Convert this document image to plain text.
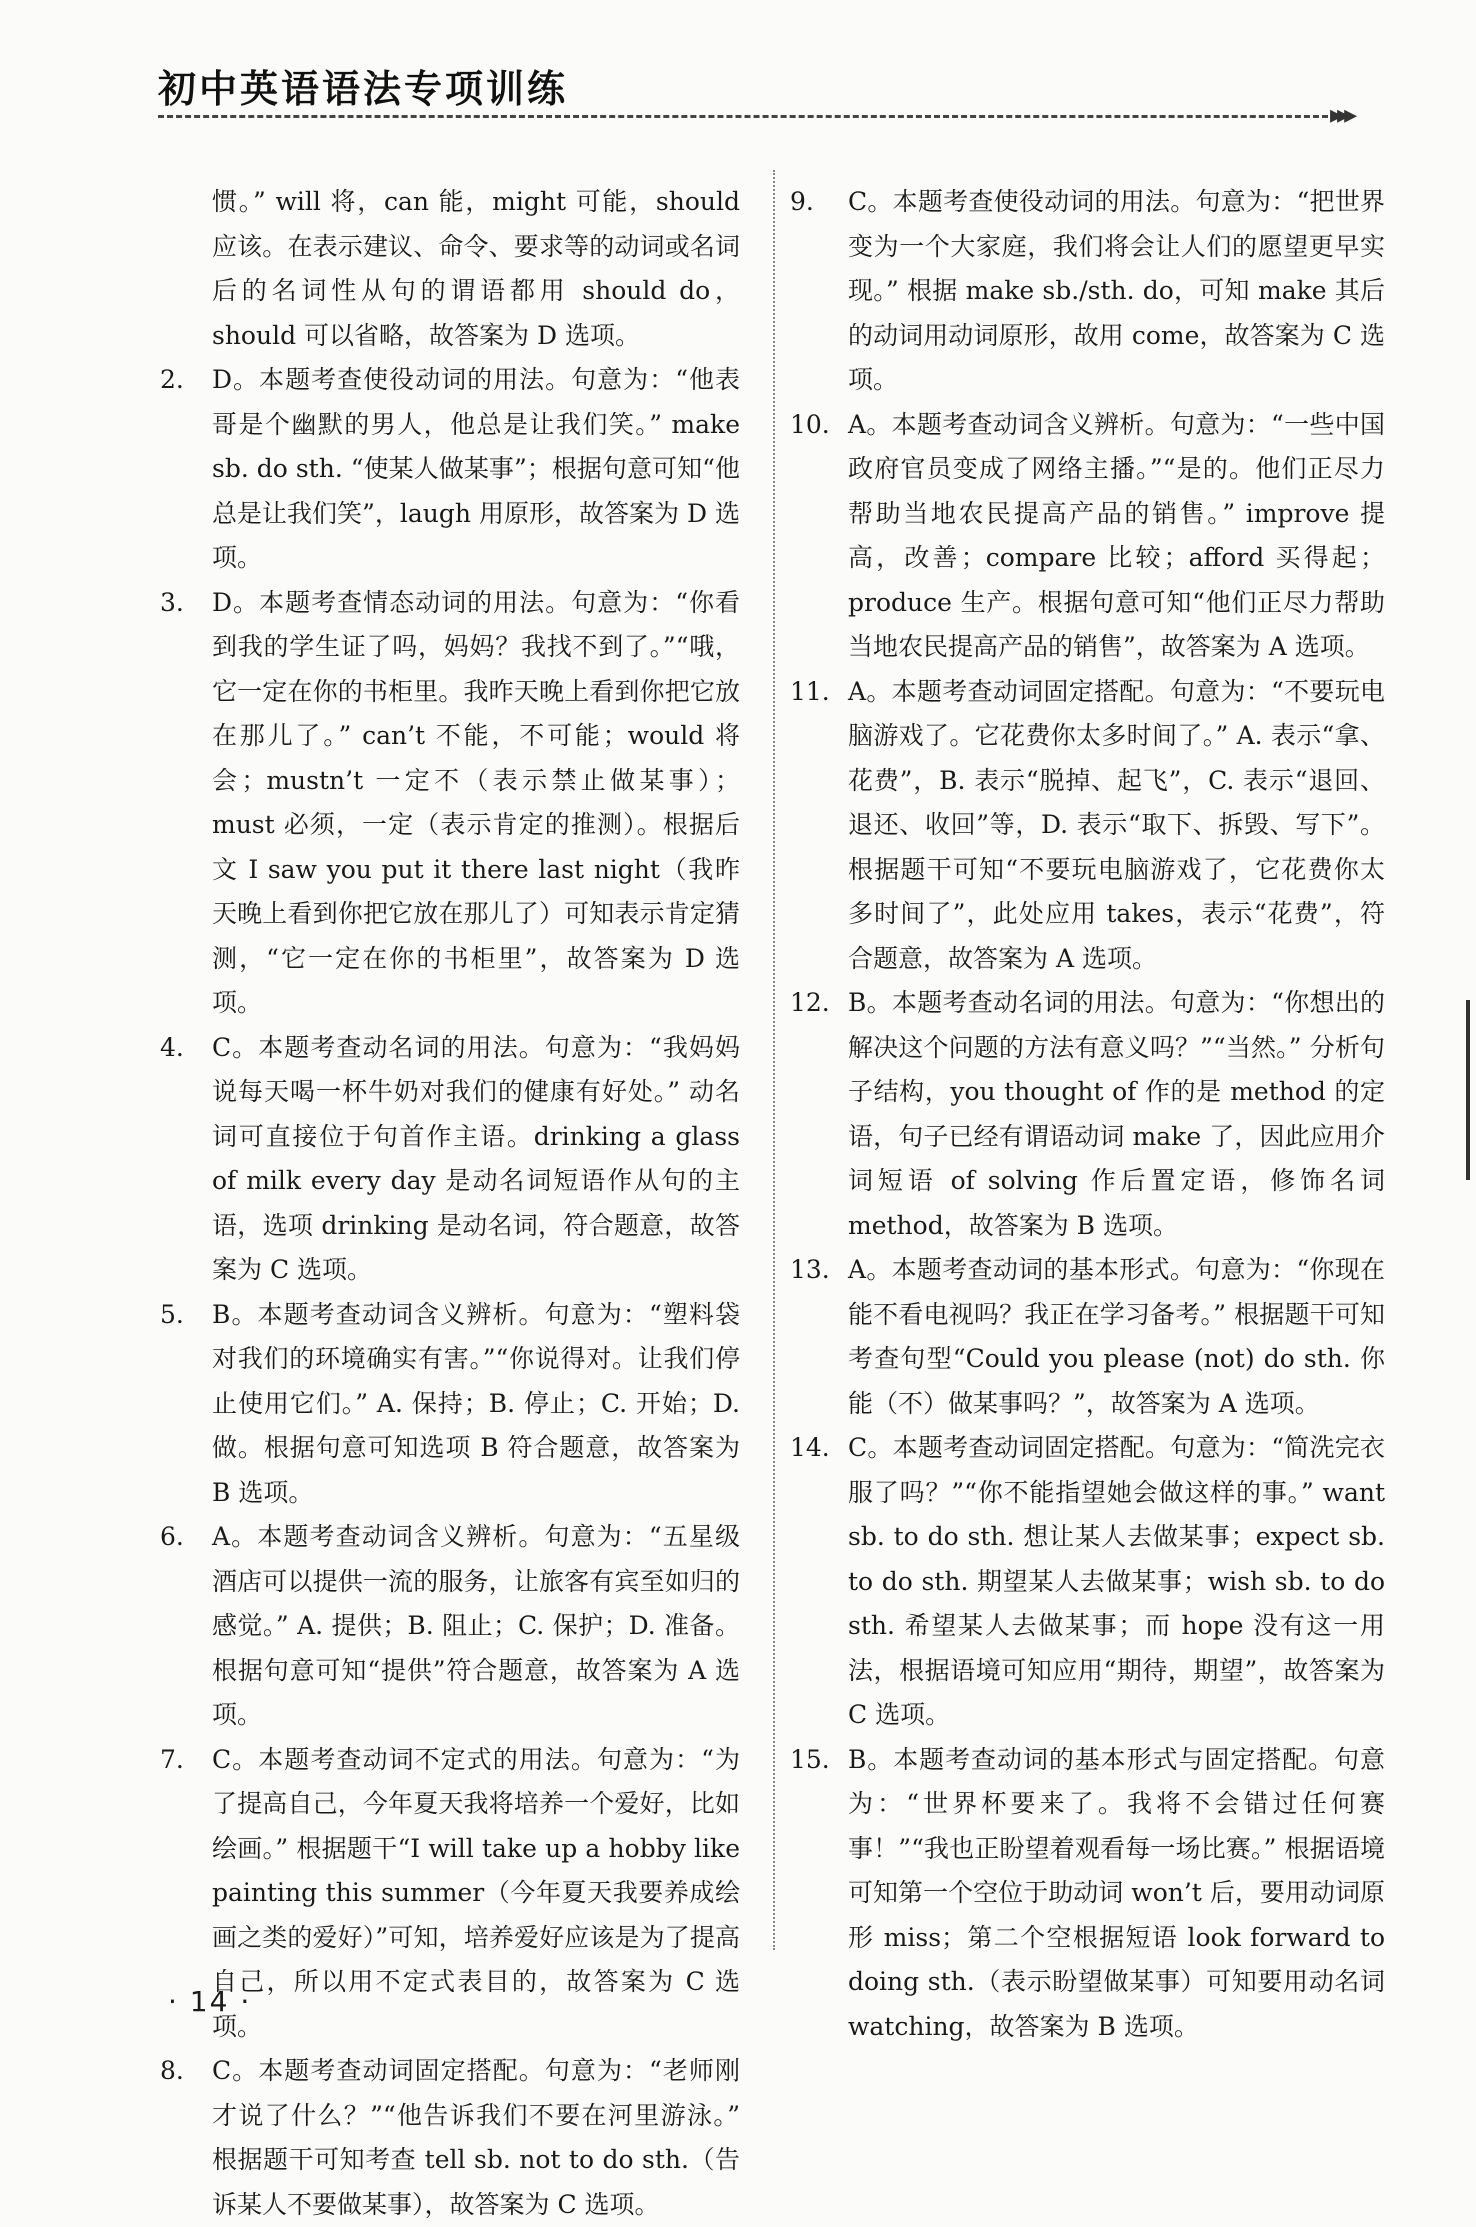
初中英语语法专项训练
▸▸▸
惯。” will 将，can 能，might 可能，should 应该。在表示建议、命令、要求等的动词或名词后的名词性从句的谓语都用 should do，should 可以省略，故答案为 D 选项。
2.	D。本题考查使役动词的用法。句意为：“他表哥是个幽默的男人，他总是让我们笑。” make sb. do sth. “使某人做某事”；根据句意可知“他总是让我们笑”，laugh 用原形，故答案为 D 选项。
3.	D。本题考查情态动词的用法。句意为：“你看到我的学生证了吗，妈妈？我找不到了。”“哦，它一定在你的书柜里。我昨天晚上看到你把它放在那儿了。” can’t 不能，不可能；would 将会；mustn’t 一定不（表示禁止做某事）；must 必须，一定（表示肯定的推测）。根据后文 I saw you put it there last night（我昨天晚上看到你把它放在那儿了）可知表示肯定猜测，“它一定在你的书柜里”，故答案为 D 选项。
4.	C。本题考查动名词的用法。句意为：“我妈妈说每天喝一杯牛奶对我们的健康有好处。” 动名词可直接位于句首作主语。drinking a glass of milk every day 是动名词短语作从句的主语，选项 drinking 是动名词，符合题意，故答案为 C 选项。
5.	B。本题考查动词含义辨析。句意为：“塑料袋对我们的环境确实有害。”“你说得对。让我们停止使用它们。” A. 保持；B. 停止；C. 开始；D. 做。根据句意可知选项 B 符合题意，故答案为 B 选项。
6.	A。本题考查动词含义辨析。句意为：“五星级酒店可以提供一流的服务，让旅客有宾至如归的感觉。” A. 提供；B. 阻止；C. 保护；D. 准备。根据句意可知“提供”符合题意，故答案为 A 选项。
7.	C。本题考查动词不定式的用法。句意为：“为了提高自己，今年夏天我将培养一个爱好，比如绘画。” 根据题干“I will take up a hobby like painting this summer（今年夏天我要养成绘画之类的爱好）”可知，培养爱好应该是为了提高自己，所以用不定式表目的，故答案为 C 选项。
8.	C。本题考查动词固定搭配。句意为：“老师刚才说了什么？”“他告诉我们不要在河里游泳。” 根据题干可知考查 tell sb. not to do sth.（告诉某人不要做某事），故答案为 C 选项。
9.	C。本题考查使役动词的用法。句意为：“把世界变为一个大家庭，我们将会让人们的愿望更早实现。” 根据 make sb./sth. do，可知 make 其后的动词用动词原形，故用 come，故答案为 C 选项。
10. A。本题考查动词含义辨析。句意为：“一些中国政府官员变成了网络主播。”“是的。他们正尽力帮助当地农民提高产品的销售。” improve 提高，改善；compare 比较；afford 买得起；produce 生产。根据句意可知“他们正尽力帮助当地农民提高产品的销售”，故答案为 A 选项。
11. A。本题考查动词固定搭配。句意为：“不要玩电脑游戏了。它花费你太多时间了。” A. 表示“拿、花费”，B. 表示“脱掉、起飞”，C. 表示“退回、退还、收回”等，D. 表示“取下、拆毁、写下”。根据题干可知“不要玩电脑游戏了，它花费你太多时间了”，此处应用 takes，表示“花费”，符合题意，故答案为 A 选项。
12. B。本题考查动名词的用法。句意为：“你想出的解决这个问题的方法有意义吗？”“当然。” 分析句子结构，you thought of 作的是 method 的定语，句子已经有谓语动词 make 了，因此应用介词短语 of solving 作后置定语，修饰名词 method，故答案为 B 选项。
13. A。本题考查动词的基本形式。句意为：“你现在能不看电视吗？我正在学习备考。” 根据题干可知考查句型“Could you please (not) do sth. 你能（不）做某事吗？”，故答案为 A 选项。
14. C。本题考查动词固定搭配。句意为：“简洗完衣服了吗？”“你不能指望她会做这样的事。” want sb. to do sth. 想让某人去做某事；expect sb. to do sth. 期望某人去做某事；wish sb. to do sth. 希望某人去做某事；而 hope 没有这一用法，根据语境可知应用“期待，期望”，故答案为 C 选项。
15. B。本题考查动词的基本形式与固定搭配。句意为：“世界杯要来了。我将不会错过任何赛事！”“我也正盼望着观看每一场比赛。” 根据语境可知第一个空位于助动词 won’t 后，要用动词原形 miss；第二个空根据短语 look forward to doing sth.（表示盼望做某事）可知要用动名词 watching，故答案为 B 选项。
· 14 ·
